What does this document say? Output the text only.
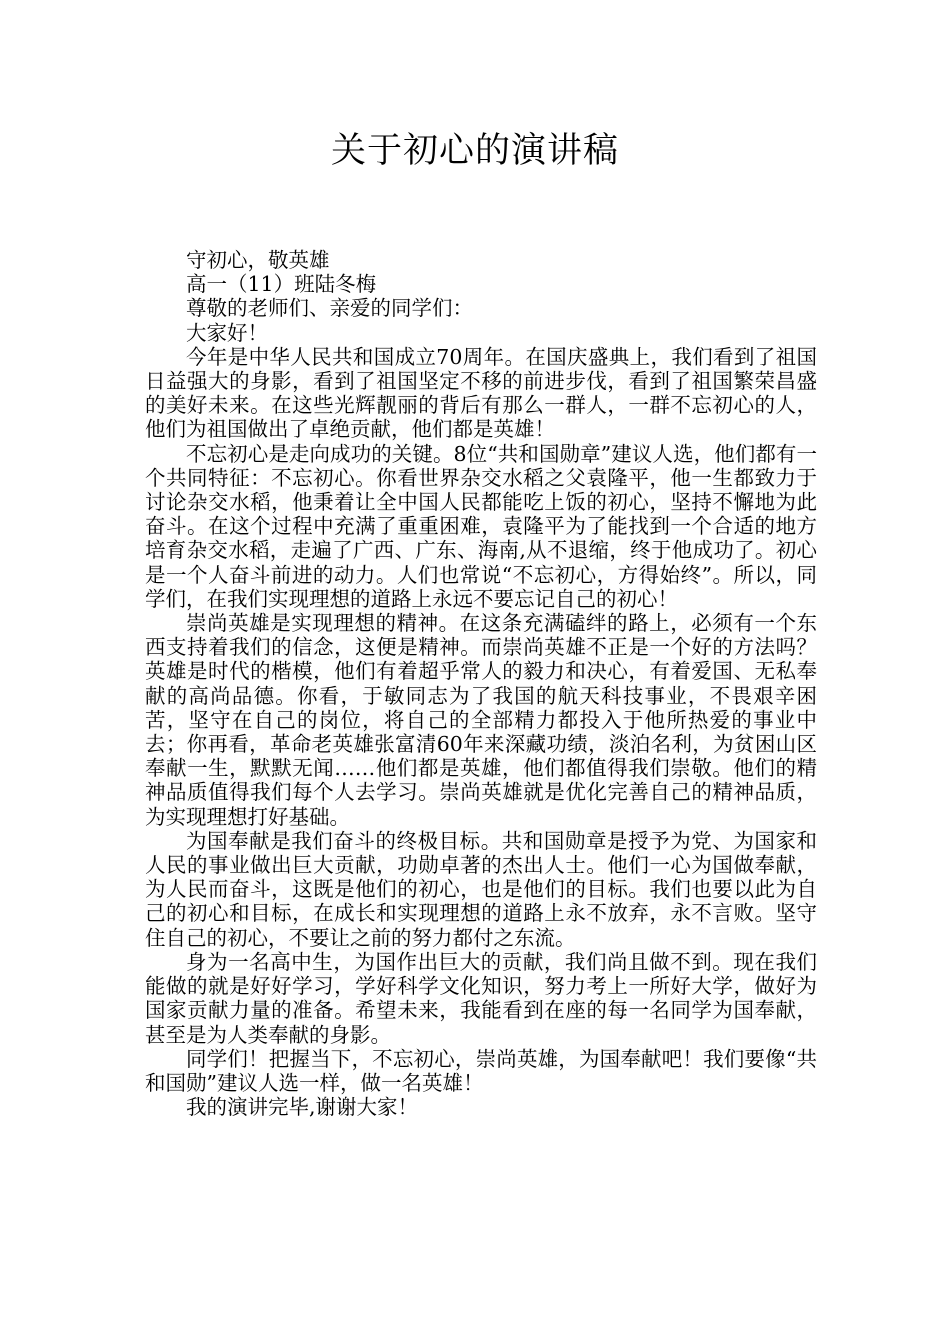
关于初心的演讲稿

守初心，敬英雄

高一（11）班陆冬梅

尊敬的老师们、亲爱的同学们：

大家好！

今年是中华人民共和国成立70周年。在国庆盛典上，我们看到了祖国日益强大的身影，看到了祖国坚定不移的前进步伐，看到了祖国繁荣昌盛的美好未来。在这些光辉靓丽的背后有那么一群人，一群不忘初心的人，他们为祖国做出了卓绝贡献，他们都是英雄！

不忘初心是走向成功的关键。8位“共和国勋章”建议人选，他们都有一个共同特征：不忘初心。你看世界杂交水稻之父袁隆平，他一生都致力于讨论杂交水稻，他秉着让全中国人民都能吃上饭的初心，坚持不懈地为此奋斗。在这个过程中充满了重重困难，袁隆平为了能找到一个合适的地方培育杂交水稻，走遍了广西、广东、海南,从不退缩，终于他成功了。初心是一个人奋斗前进的动力。人们也常说“不忘初心，方得始终”。所以，同学们，在我们实现理想的道路上永远不要忘记自己的初心！

崇尚英雄是实现理想的精神。在这条充满磕绊的路上，必须有一个东西支持着我们的信念，这便是精神。而崇尚英雄不正是一个好的方法吗？英雄是时代的楷模，他们有着超乎常人的毅力和决心，有着爱国、无私奉献的高尚品德。你看，于敏同志为了我国的航天科技事业，不畏艰辛困苦，坚守在自己的岗位，将自己的全部精力都投入于他所热爱的事业中去；你再看，革命老英雄张富清60年来深藏功绩，淡泊名利，为贫困山区奉献一生，默默无闻……他们都是英雄，他们都值得我们崇敬。他们的精神品质值得我们每个人去学习。崇尚英雄就是优化完善自己的精神品质，为实现理想打好基础。

为国奉献是我们奋斗的终极目标。共和国勋章是授予为党、为国家和人民的事业做出巨大贡献，功勋卓著的杰出人士。他们一心为国做奉献，为人民而奋斗，这既是他们的初心，也是他们的目标。我们也要以此为自己的初心和目标，在成长和实现理想的道路上永不放弃，永不言败。坚守住自己的初心，不要让之前的努力都付之东流。

身为一名高中生，为国作出巨大的贡献，我们尚且做不到。现在我们能做的就是好好学习，学好科学文化知识，努力考上一所好大学，做好为国家贡献力量的准备。希望未来，我能看到在座的每一名同学为国奉献，甚至是为人类奉献的身影。

同学们！把握当下，不忘初心，崇尚英雄，为国奉献吧！我们要像“共和国勋”建议人选一样，做一名英雄！

我的演讲完毕,谢谢大家！
